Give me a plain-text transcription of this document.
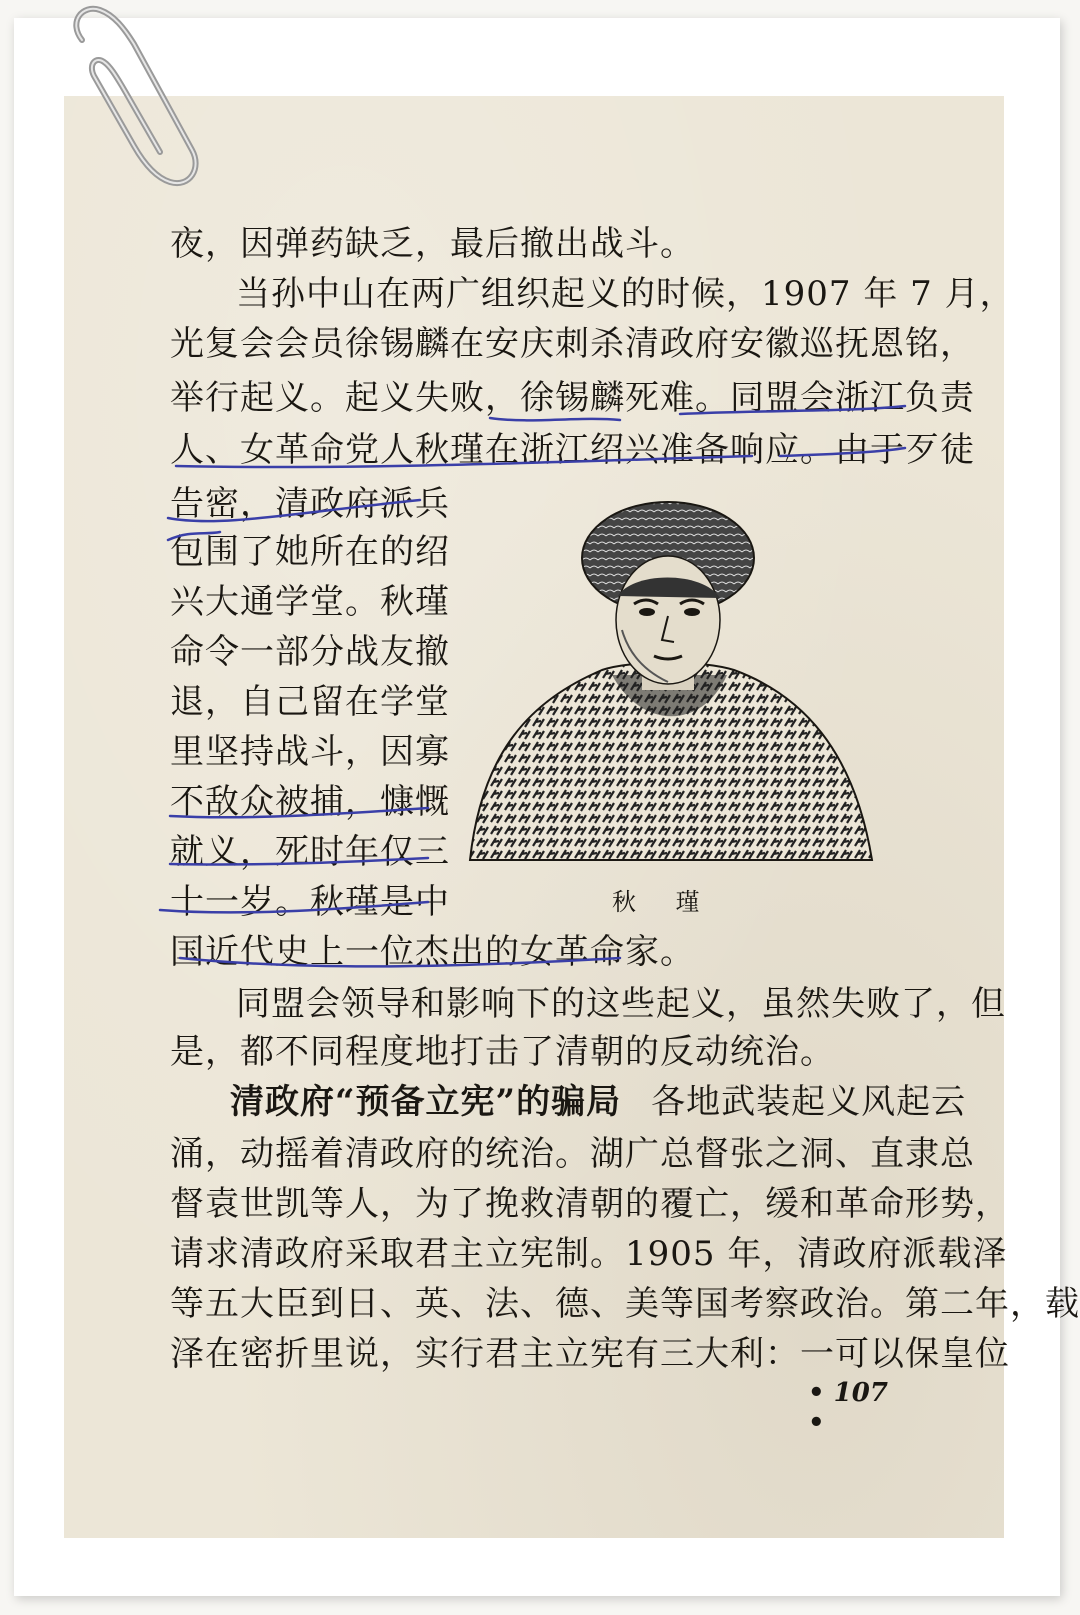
夜，因弹药缺乏，最后撤出战斗。
当孙中山在两广组织起义的时候，1907 年 7 月，
光复会会员徐锡麟在安庆刺杀清政府安徽巡抚恩铭，
举行起义。起义失败，徐锡麟死难。同盟会浙江负责
人、女革命党人秋瑾在浙江绍兴准备响应。由于歹徒
告密，清政府派兵
包围了她所在的绍
兴大通学堂。秋瑾
命令一部分战友撤
退，自己留在学堂
里坚持战斗，因寡
不敌众被捕，慷慨
就义，死时年仅三
十一岁。秋瑾是中
国近代史上一位杰出的女革命家。
同盟会领导和影响下的这些起义，虽然失败了，但
是，都不同程度地打击了清朝的反动统治。
清政府“预备立宪”的骗局 各地武装起义风起云
涌，动摇着清政府的统治。湖广总督张之洞、直隶总
督袁世凯等人，为了挽救清朝的覆亡，缓和革命形势，
请求清政府采取君主立宪制。1905 年，清政府派载泽
等五大臣到日、英、法、德、美等国考察政治。第二年，载
泽在密折里说，实行君主立宪有三大利：一可以保皇位
秋 瑾
• 107 •
